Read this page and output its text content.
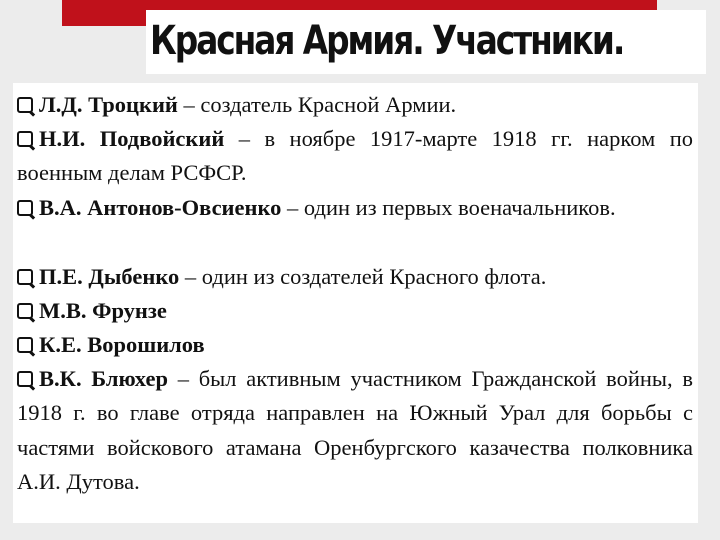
Красная Армия. Участники.
Л.Д. Троцкий – создатель Красной Армии.
Н.И. Подвойский – в ноябре 1917-марте 1918 гг. нарком по военным делам РСФСР.
В.А. Антонов-Овсиенко – один из первых военачальников.
П.Е. Дыбенко – один из создателей Красного флота.
М.В. Фрунзе
К.Е. Ворошилов
В.К. Блюхер – был активным участником Гражданской войны, в 1918 г. во главе отряда направлен на Южный Урал для борьбы с частями войскового атамана Оренбургского казачества полковника А.И. Дутова.
